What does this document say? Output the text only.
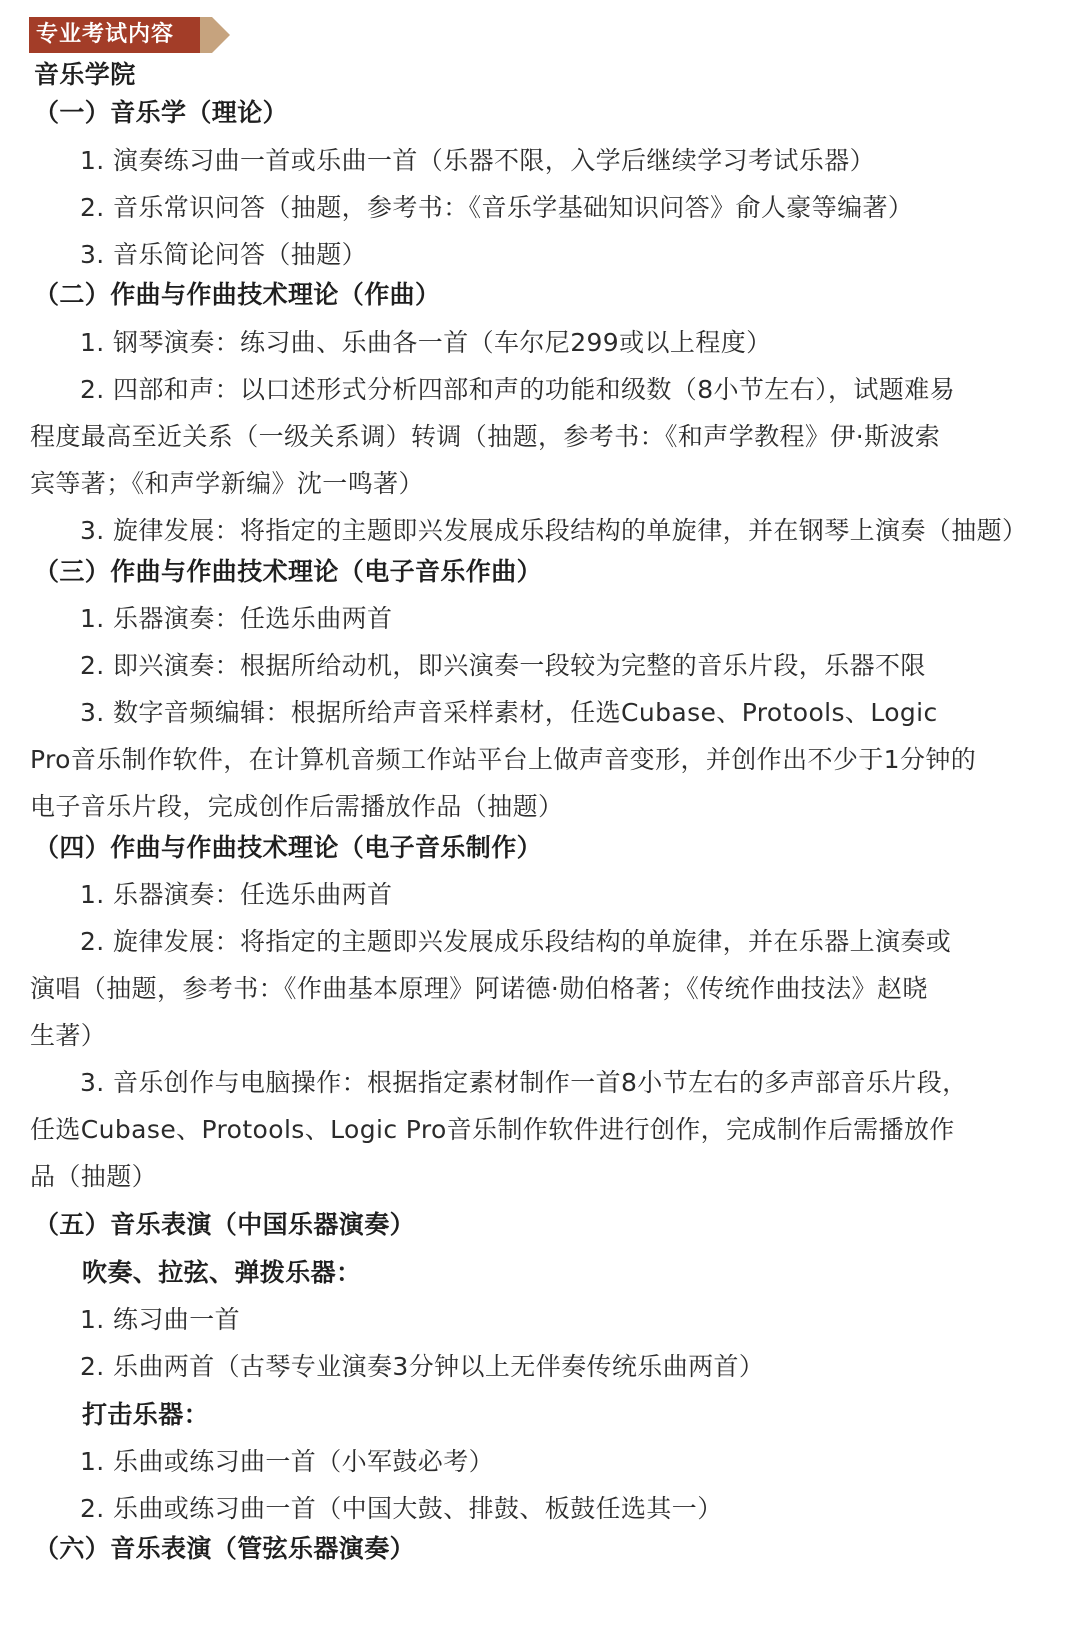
专业考试内容
音乐学院
（一）音乐学（理论）
1. 演奏练习曲一首或乐曲一首（乐器不限，入学后继续学习考试乐器）
2. 音乐常识问答（抽题，参考书：《音乐学基础知识问答》俞人豪等编著）
3. 音乐简论问答（抽题）
（二）作曲与作曲技术理论（作曲）
1. 钢琴演奏：练习曲、乐曲各一首（车尔尼299或以上程度）
2. 四部和声：以口述形式分析四部和声的功能和级数（8小节左右），试题难易
程度最高至近关系（一级关系调）转调（抽题，参考书：《和声学教程》伊·斯波索
宾等著；《和声学新编》沈一鸣著）
3. 旋律发展：将指定的主题即兴发展成乐段结构的单旋律，并在钢琴上演奏（抽题）
（三）作曲与作曲技术理论（电子音乐作曲）
1. 乐器演奏：任选乐曲两首
2. 即兴演奏：根据所给动机，即兴演奏一段较为完整的音乐片段，乐器不限
3. 数字音频编辑：根据所给声音采样素材，任选Cubase、Protools、Logic
Pro音乐制作软件，在计算机音频工作站平台上做声音变形，并创作出不少于1分钟的
电子音乐片段，完成创作后需播放作品（抽题）
（四）作曲与作曲技术理论（电子音乐制作）
1. 乐器演奏：任选乐曲两首
2. 旋律发展：将指定的主题即兴发展成乐段结构的单旋律，并在乐器上演奏或
演唱（抽题，参考书：《作曲基本原理》阿诺德·勋伯格著；《传统作曲技法》赵晓
生著）
3. 音乐创作与电脑操作：根据指定素材制作一首8小节左右的多声部音乐片段，
任选Cubase、Protools、Logic Pro音乐制作软件进行创作，完成制作后需播放作
品（抽题）
（五）音乐表演（中国乐器演奏）
吹奏、拉弦、弹拨乐器：
1. 练习曲一首
2. 乐曲两首（古琴专业演奏3分钟以上无伴奏传统乐曲两首）
打击乐器：
1. 乐曲或练习曲一首（小军鼓必考）
2. 乐曲或练习曲一首（中国大鼓、排鼓、板鼓任选其一）
（六）音乐表演（管弦乐器演奏）
